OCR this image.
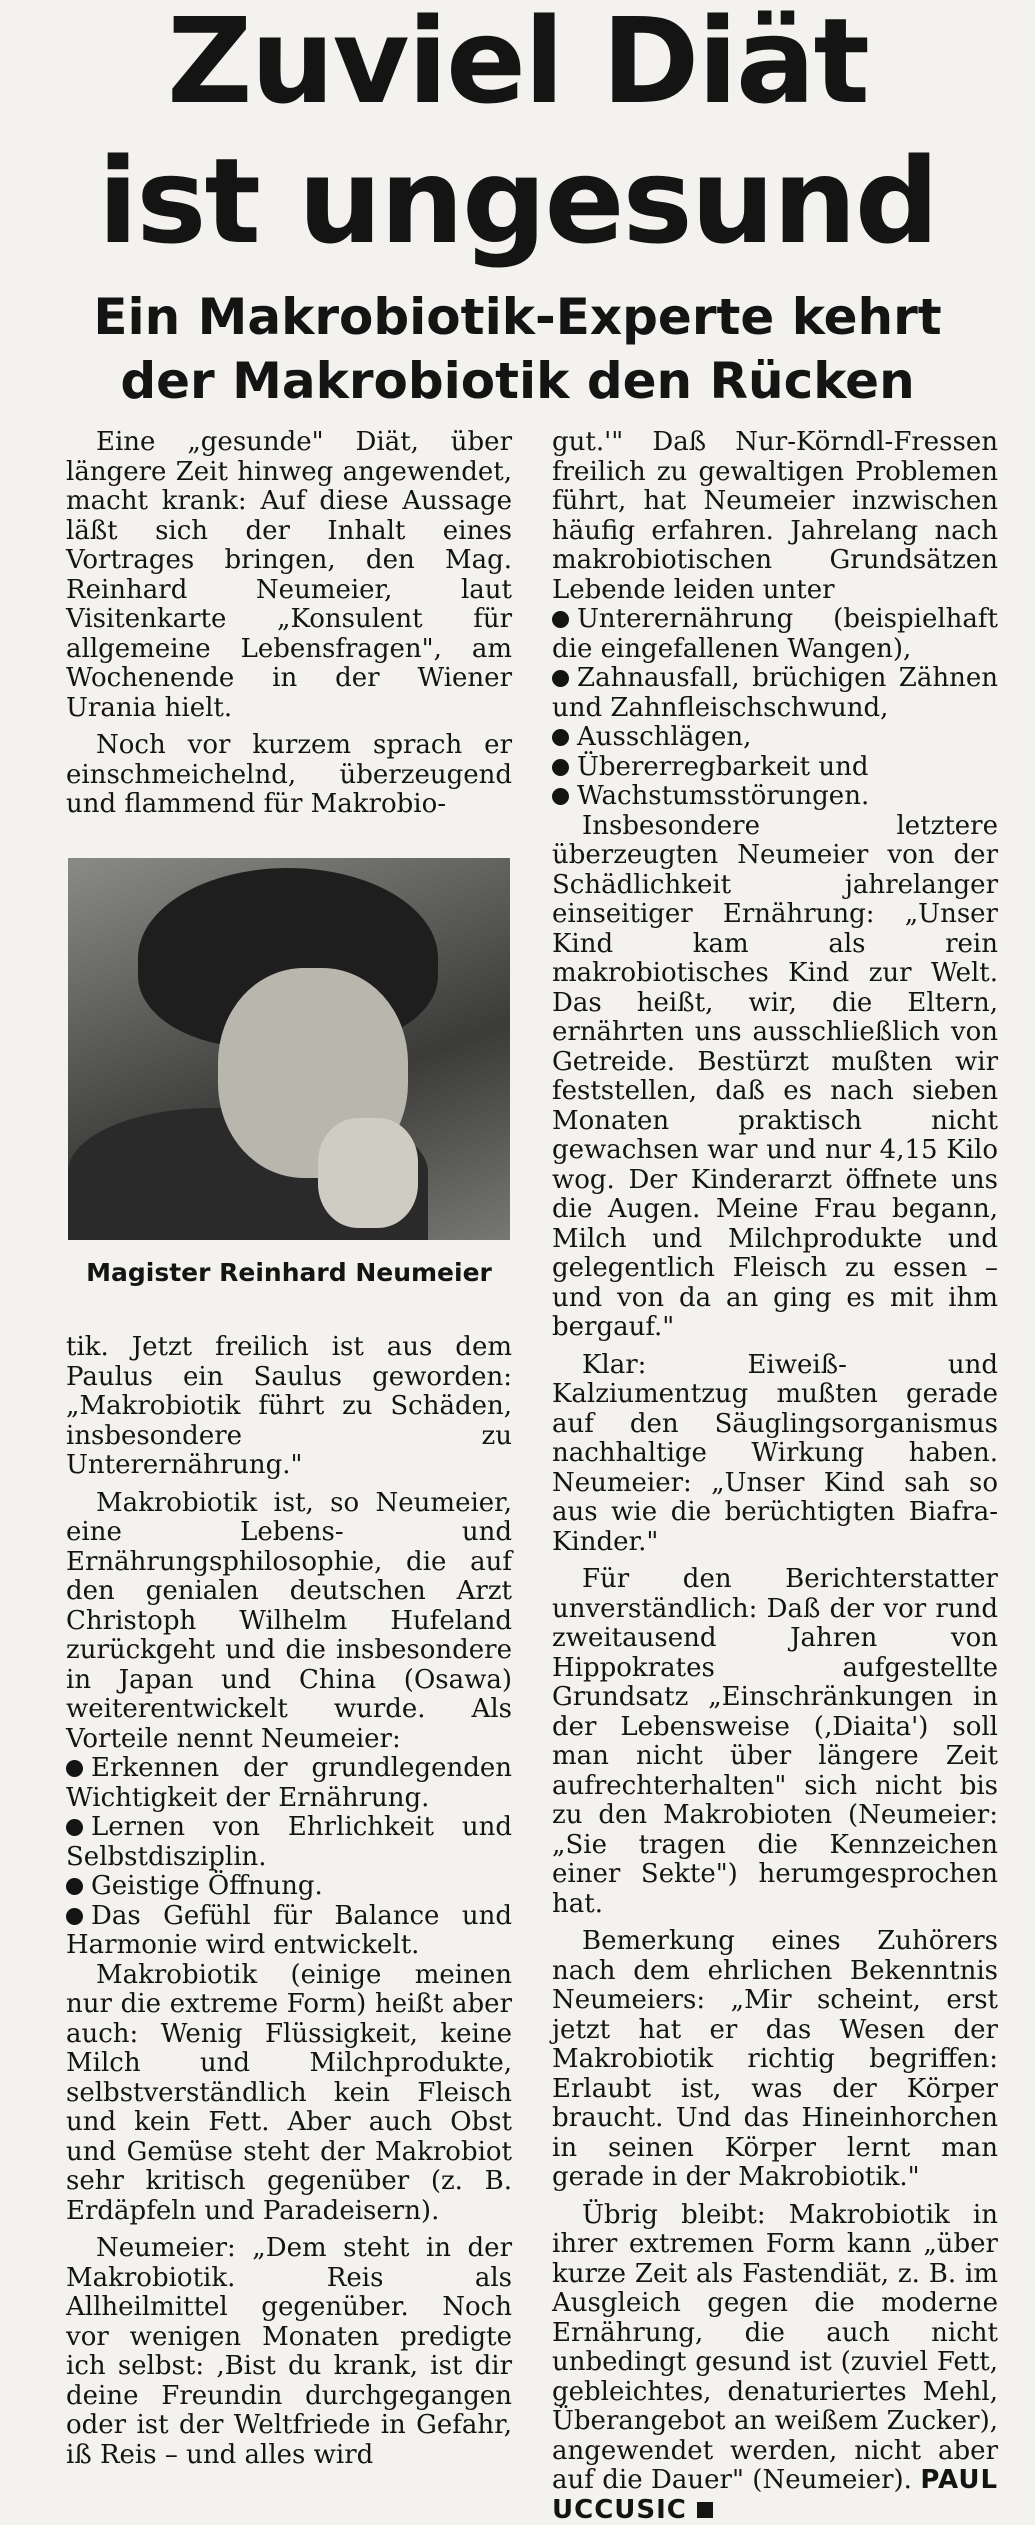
Zuviel Diät
ist ungesund
Ein Makrobiotik-Experte kehrt
der Makrobiotik den Rücken

Eine „gesunde" Diät, über längere Zeit hinweg angewendet, macht krank: Auf diese Aussage läßt sich der Inhalt eines Vortrages bringen, den Mag. Reinhard Neumeier, laut Visitenkarte „Konsulent für allgemeine Lebensfragen", am Wochenende in der Wiener Urania hielt.

Noch vor kurzem sprach er einschmeichelnd, überzeugend und flammend für Makrobio-

Magister Reinhard Neumeier

tik. Jetzt freilich ist aus dem Paulus ein Saulus geworden: „Makrobiotik führt zu Schäden, insbesondere zu Unterernährung."

Makrobiotik ist, so Neumeier, eine Lebens- und Ernährungsphilosophie, die auf den genialen deutschen Arzt Christoph Wilhelm Hufeland zurückgeht und die insbesondere in Japan und China (Osawa) weiterentwickelt wurde. Als Vorteile nennt Neumeier:

Erkennen der grundlegenden Wichtigkeit der Ernährung.

Lernen von Ehrlichkeit und Selbstdisziplin.

Geistige Öffnung.

Das Gefühl für Balance und Harmonie wird entwickelt.

Makrobiotik (einige meinen nur die extreme Form) heißt aber auch: Wenig Flüssigkeit, keine Milch und Milchprodukte, selbstverständlich kein Fleisch und kein Fett. Aber auch Obst und Gemüse steht der Makrobiot sehr kritisch gegenüber (z. B. Erdäpfeln und Paradeisern).

Neumeier: „Dem steht in der Makrobiotik. Reis als Allheilmittel gegenüber. Noch vor wenigen Monaten predigte ich selbst: ‚Bist du krank, ist dir deine Freundin durchgegangen oder ist der Weltfriede in Gefahr, iß Reis – und alles wird

gut.'" Daß Nur-Körndl-Fressen freilich zu gewaltigen Problemen führt, hat Neumeier inzwischen häufig erfahren. Jahrelang nach makrobiotischen Grundsätzen Lebende leiden unter

Unterernährung (beispielhaft die eingefallenen Wangen),

Zahnausfall, brüchigen Zähnen und Zahnfleischschwund,

Ausschlägen,

Übererregbarkeit und

Wachstumsstörungen.

Insbesondere letztere überzeugten Neumeier von der Schädlichkeit jahrelanger einseitiger Ernährung: „Unser Kind kam als rein makrobiotisches Kind zur Welt. Das heißt, wir, die Eltern, ernährten uns ausschließlich von Getreide. Bestürzt mußten wir feststellen, daß es nach sieben Monaten praktisch nicht gewachsen war und nur 4,15 Kilo wog. Der Kinderarzt öffnete uns die Augen. Meine Frau begann, Milch und Milchprodukte und gelegentlich Fleisch zu essen – und von da an ging es mit ihm bergauf."

Klar: Eiweiß- und Kalziumentzug mußten gerade auf den Säuglingsorganismus nachhaltige Wirkung haben. Neumeier: „Unser Kind sah so aus wie die berüchtigten Biafra-Kinder."

Für den Berichterstatter unverständlich: Daß der vor rund zweitausend Jahren von Hippokrates aufgestellte Grundsatz „Einschränkungen in der Lebensweise (‚Diaita') soll man nicht über längere Zeit aufrechterhalten" sich nicht bis zu den Makrobioten (Neumeier: „Sie tragen die Kennzeichen einer Sekte") herumgesprochen hat.

Bemerkung eines Zuhörers nach dem ehrlichen Bekenntnis Neumeiers: „Mir scheint, erst jetzt hat er das Wesen der Makrobiotik richtig begriffen: Erlaubt ist, was der Körper braucht. Und das Hineinhorchen in seinen Körper lernt man gerade in der Makrobiotik."

Übrig bleibt: Makrobiotik in ihrer extremen Form kann „über kurze Zeit als Fastendiät, z. B. im Ausgleich gegen die moderne Ernährung, die auch nicht unbedingt gesund ist (zuviel Fett, gebleichtes, denaturiertes Mehl, Überangebot an weißem Zucker), angewendet werden, nicht aber auf die Dauer" (Neumeier). PAUL UCCUSIC
